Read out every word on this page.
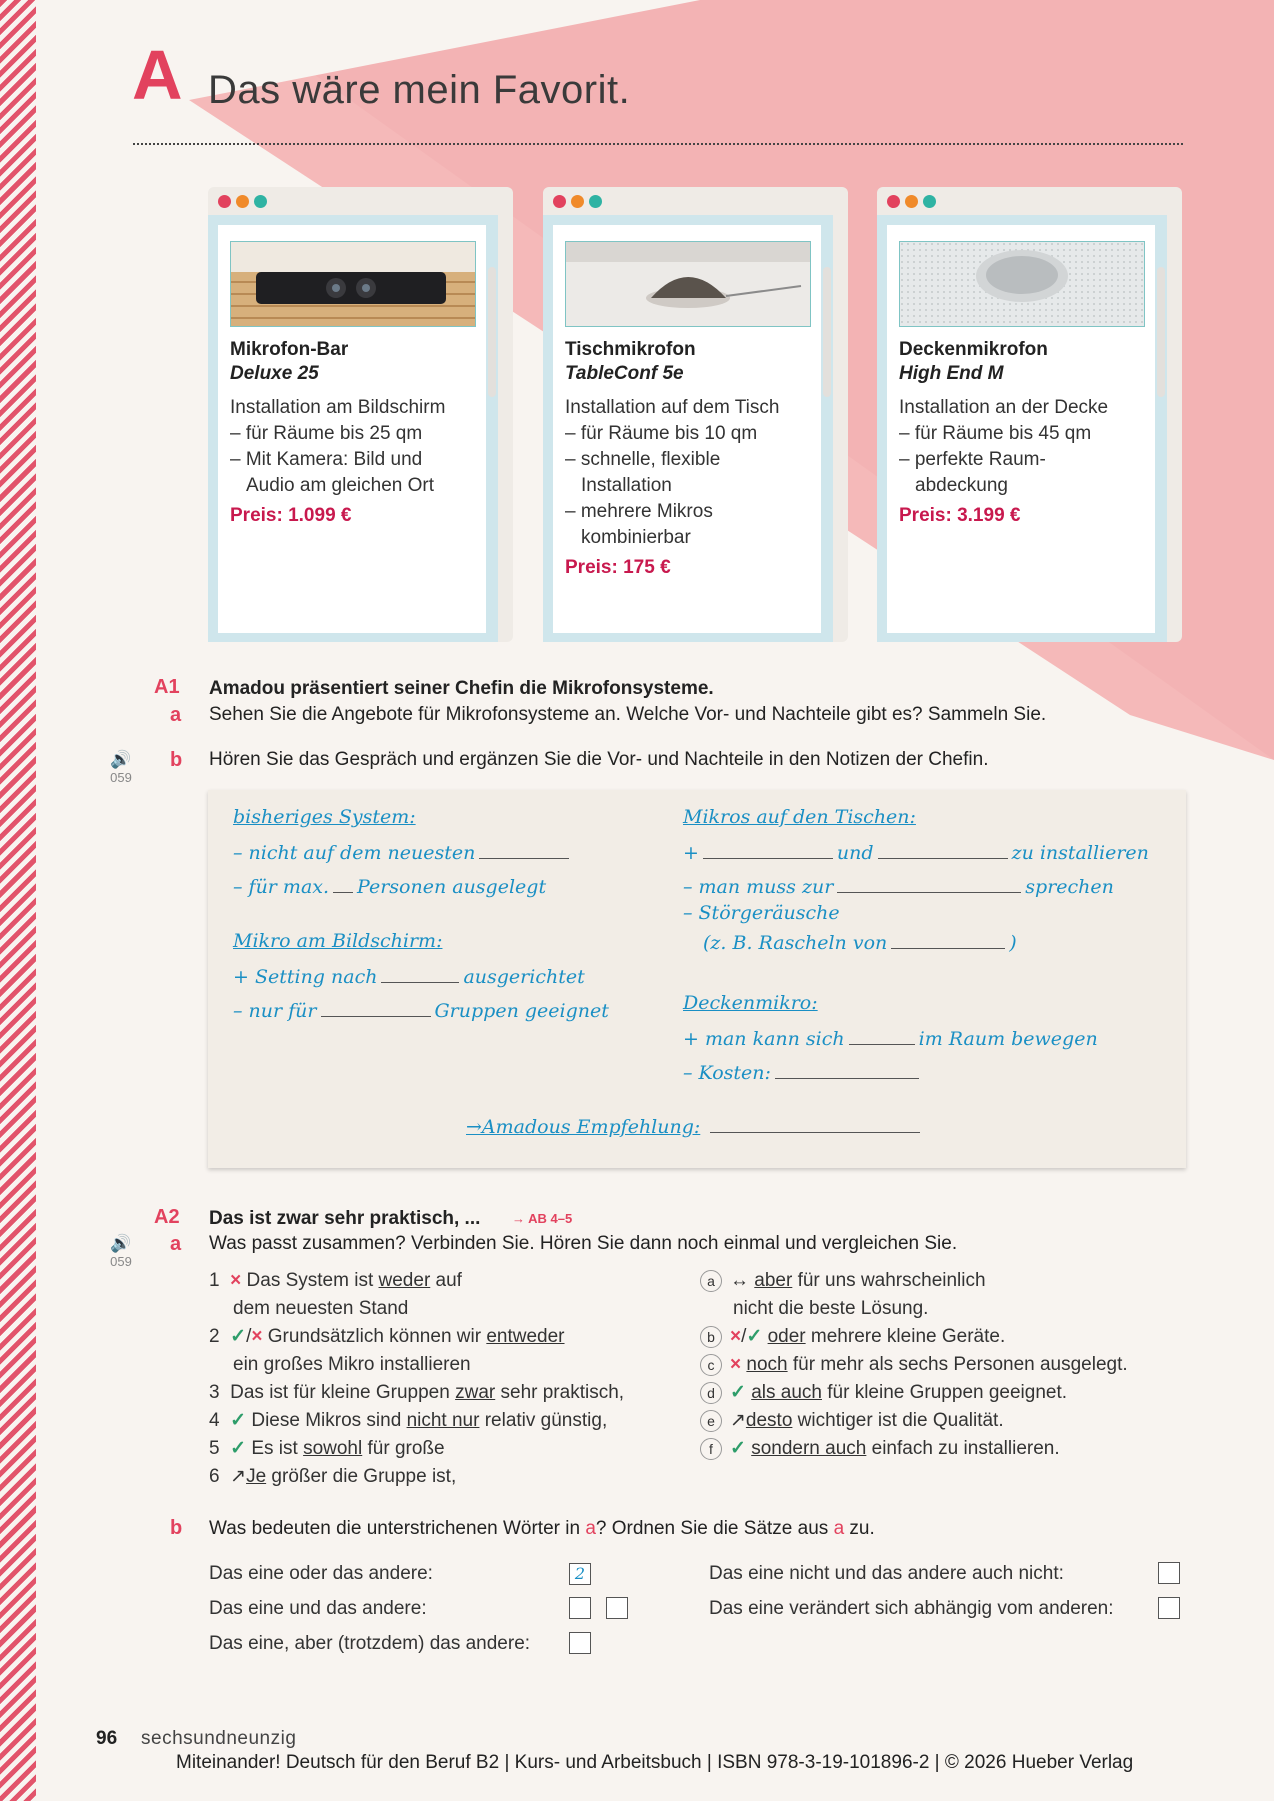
A Das wäre mein Favorit.
Mikrofon-Bar
Deluxe 25
Installation am Bildschirm
– für Räume bis 25 qm
– Mit Kamera: Bild und
Audio am gleichen Ort
Preis: 1.099 €
Tischmikrofon
TableConf 5e
Installation auf dem Tisch
– für Räume bis 10 qm
– schnelle, flexible
Installation
– mehrere Mikros
kombinierbar
Preis: 175 €
Deckenmikrofon
High End M
Installation an der Decke
– für Räume bis 45 qm
– perfekte Raum-
abdeckung
Preis: 3.199 €
A1 Amadou präsentiert seiner Chefin die Mikrofonsysteme.
a Sehen Sie die Angebote für Mikrofonsysteme an. Welche Vor- und Nachteile gibt es? Sammeln Sie.
🔊
059
b Hören Sie das Gespräch und ergänzen Sie die Vor- und Nachteile in den Notizen der Chefin.
bisheriges System:
– nicht auf dem neuesten
– für max. Personen ausgelegt
Mikro am Bildschirm:
+ Setting nach	ausgerichtet
– nur für	Gruppen geeignet
Mikros auf den Tischen:
+	und	zu installieren
– man muss zur	sprechen
– Störgeräusche
(z. B. Rascheln von	)
Deckenmikro:
+ man kann sich	im Raum bewegen
– Kosten:
→Amadous Empfehlung:
A2 Das ist zwar sehr praktisch, ... → AB 4–5
a Was passt zusammen? Verbinden Sie. Hören Sie dann noch einmal und vergleichen Sie.
🔊
059
1 × Das System ist weder auf
dem neuesten Stand
2 ✓/× Grundsätzlich können wir entweder
ein großes Mikro installieren
3 Das ist für kleine Gruppen zwar sehr praktisch,
4 ✓ Diese Mikros sind nicht nur relativ günstig,
5 ✓ Es ist sowohl für große
6 ↗Je größer die Gruppe ist,
a ↔ aber für uns wahrscheinlich
nicht die beste Lösung.
b ×/✓ oder mehrere kleine Geräte.
c × noch für mehr als sechs Personen ausgelegt.
d ✓ als auch für kleine Gruppen geeignet.
e ↗desto wichtiger ist die Qualität.
f ✓ sondern auch einfach zu installieren.
b Was bedeuten die unterstrichenen Wörter in a? Ordnen Sie die Sätze aus a zu.
Das eine oder das andere:	2
Das eine und das andere:
Das eine, aber (trotzdem) das andere:
Das eine nicht und das andere auch nicht:
Das eine verändert sich abhängig vom anderen:
96 sechsundneunzig
Miteinander! Deutsch für den Beruf B2 | Kurs- und Arbeitsbuch | ISBN 978-3-19-101896-2 | © 2026 Hueber Verlag
